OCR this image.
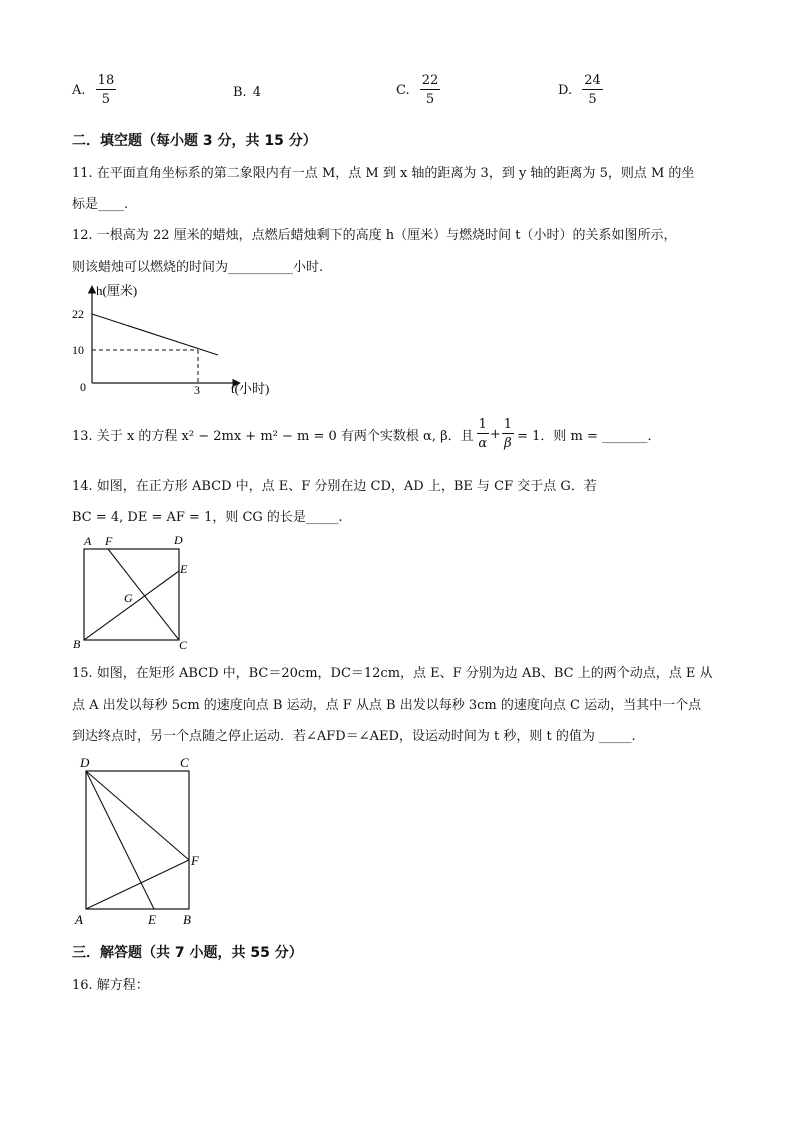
A. $\frac{18}{5}$	B. 4	C. $\frac{22}{5}$	D. $\frac{24}{5}$
二．填空题（每小题 3 分，共 15 分）
11. 在平面直角坐标系的第二象限内有一点 M，点 M 到 x 轴的距离为 3，到 y 轴的距离为 5，则点 M 的坐
标是____.
12. 一根高为 22 厘米的蜡烛，点燃后蜡烛剩下的高度 h（厘米）与燃烧时间 t（小时）的关系如图所示，
则该蜡烛可以燃烧的时间为__________小时.
h(厘米)
t(小时)
0
22
10
3
13. 关于 x 的方程 x² − 2mx + m² − m = 0 有两个实数根 α, β．且 $\frac{1}{\alpha} + \frac{1}{\beta} = 1$．则 m = _______．
14. 如图，在正方形 ABCD 中，点 E、F 分别在边 CD，AD 上，BE 与 CF 交于点 G．若
BC = 4, DE = AF = 1，则 CG 的长是_____.
A F	D
E
G
B	C
15. 如图，在矩形 ABCD 中，BC＝20cm，DC＝12cm，点 E、F 分别为边 AB、BC 上的两个动点，点 E 从
点 A 出发以每秒 5cm 的速度向点 B 运动，点 F 从点 B 出发以每秒 3cm 的速度向点 C 运动，当其中一个点
到达终点时，另一个点随之停止运动．若∠AFD＝∠AED，设运动时间为 t 秒，则 t 的值为 _____.
D	C
F
A	E B
三．解答题（共 7 小题，共 55 分）
16. 解方程：
